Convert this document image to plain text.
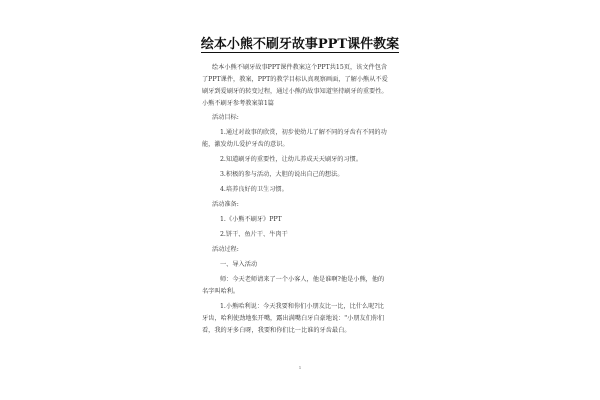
绘本小熊不刷牙故事PPT课件教案
绘本小熊不刷牙故事PPT课件教案这个PPT共15页，该文件包含
了PPT课件，教案，PPT的教学目标认真观察画面，了解小熊从不爱
刷牙到爱刷牙的转变过程，通过小熊的故事知道坚持刷牙的重要性。
小熊不刷牙参考教案第1篇
活动目标:
1.通过对故事的欣赏，初步使幼儿了解不同的牙齿有不同的功
能，激发幼儿爱护牙齿的意识。
2.知道刷牙的重要性，让幼儿养成天天刷牙的习惯。
3.积极的参与活动，大胆的说出自己的想法。
4.培养良好的卫生习惯。
活动准备:
1.《小熊不刷牙》PPT
2.饼干、鱼片干、牛肉干
活动过程:
一、导入活动
师：今天老师请来了一个小客人，他是谁啊?他是小熊，他的
名字叫哈利。
1.小熊哈利说：今天我要和你们小朋友比一比，比什么呢?比
牙齿，哈利使劲地张开嘴，露出满嘴白牙自豪地说："小朋友们你们
看，我的牙多白呀，我要和你们比一比谁的牙齿最白。
1
